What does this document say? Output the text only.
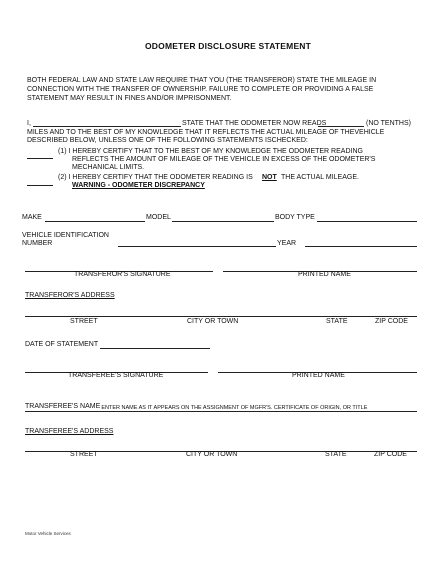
ODOMETER DISCLOSURE STATEMENT
BOTH FEDERAL LAW AND STATE LAW REQUIRE THAT YOU (THE TRANSFEROR) STATE THE MILEAGE IN
CONNECTION WITH THE TRANSFER OF OWNERSHIP. FAILURE TO COMPLETE OR PROVIDING A FALSE
STATEMENT MAY RESULT IN FINES AND/OR IMPRISONMENT.
I,	STATE THAT THE ODOMETER NOW READS	(NO TENTHS)
MILES AND TO THE BEST OF MY KNOWLEDGE THAT IT REFLECTS THE ACTUAL MILEAGE OF THEVEHICLE
DESCRIBED BELOW, UNLESS ONE OF THE FOLLOWING STATEMENTS ISCHECKED:
(1) I HEREBY CERTIFY THAT TO THE BEST OF MY KNOWLEDGE THE ODOMETER READING
REFLECTS THE AMOUNT OF MILEAGE OF THE VEHICLE IN EXCESS OF THE ODOMETER'S
MECHANICAL LIMITS.
(2) I HEREBY CERTIFY THAT THE ODOMETER READING IS NOT THE ACTUAL MILEAGE.
WARNING - ODOMETER DISCREPANCY
MAKE	MODEL	BODY TYPE
VEHICLE IDENTIFICATION
NUMBER	YEAR
TRANSFEROR'S SIGNATURE	PRINTED NAME
TRANSFEROR'S ADDRESS
STREET	CITY OR TOWN	STATE	ZIP CODE
DATE OF STATEMENT
TRANSFEREE'S SIGNATURE	PRINTED NAME
TRANSFEREE'S NAME
- ENTER NAME AS IT APPEARS ON THE ASSIGNMENT OF MGFR'S. CERTIFICATE OF ORIGIN, OR TITLE
TRANSFEREE'S ADDRESS
STREET	CITY OR TOWN	STATE	ZIP CODE
Motor Vehicle Services
